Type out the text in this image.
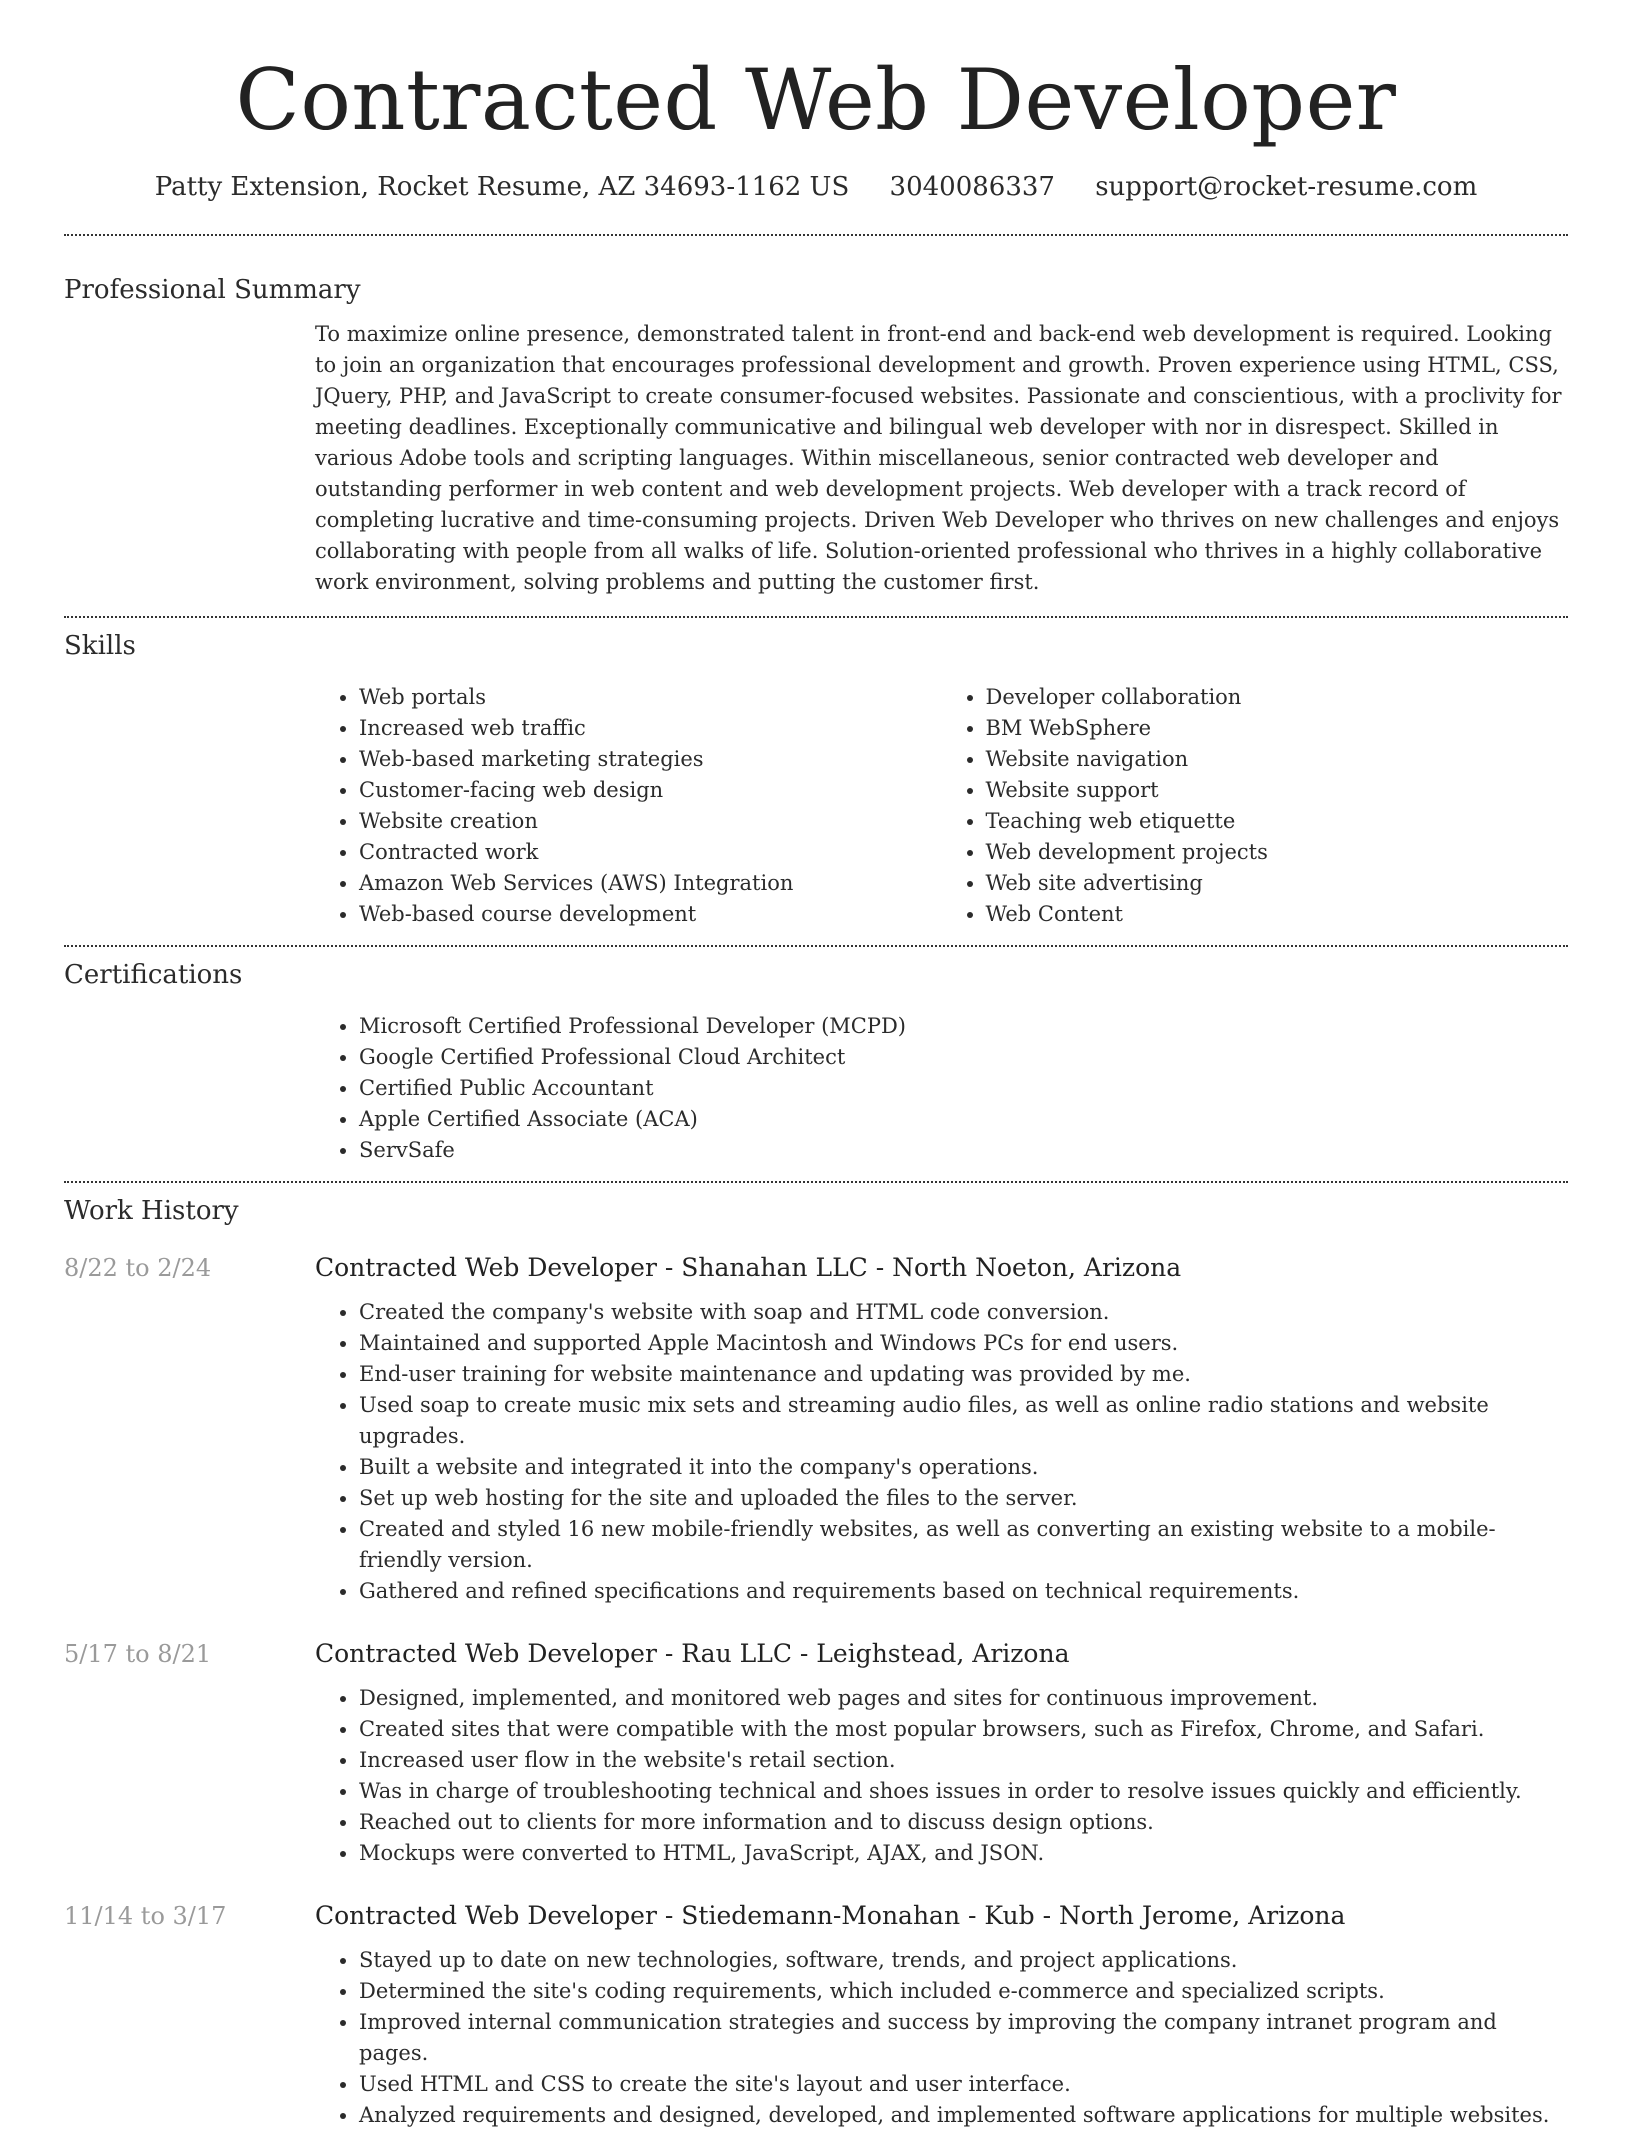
Contracted Web Developer
Patty Extension, Rocket Resume, AZ 34693-1162 US 3040086337 support@rocket-resume.com
Professional Summary

To maximize online presence, demonstrated talent in front-end and back-end web development is required. Looking to join an organization that encourages professional development and growth. Proven experience using HTML, CSS, JQuery, PHP, and JavaScript to create consumer-focused websites. Passionate and conscientious, with a proclivity for meeting deadlines. Exceptionally communicative and bilingual web developer with nor in disrespect. Skilled in various Adobe tools and scripting languages. Within miscellaneous, senior contracted web developer and outstanding performer in web content and web development projects. Web developer with a track record of completing lucrative and time-consuming projects. Driven Web Developer who thrives on new challenges and enjoys collaborating with people from all walks of life. Solution-oriented professional who thrives in a highly collaborative work environment, solving problems and putting the customer first.

Skills
• Web portals
• Increased web traffic
• Web-based marketing strategies
• Customer-facing web design
• Website creation
• Contracted work
• Amazon Web Services (AWS) Integration
• Web-based course development
• Developer collaboration
• BM WebSphere
• Website navigation
• Website support
• Teaching web etiquette
• Web development projects
• Web site advertising
• Web Content
Certifications
• Microsoft Certified Professional Developer (MCPD)
• Google Certified Professional Cloud Architect
• Certified Public Accountant
• Apple Certified Associate (ACA)
• ServSafe
Work History
8/22 to 2/24	Contracted Web Developer - Shanahan LLC - North Noeton, Arizona
• Created the company's website with soap and HTML code conversion.
• Maintained and supported Apple Macintosh and Windows PCs for end users.
• End-user training for website maintenance and updating was provided by me.
• Used soap to create music mix sets and streaming audio files, as well as online radio stations and website upgrades.
• Built a website and integrated it into the company's operations.
• Set up web hosting for the site and uploaded the files to the server.
• Created and styled 16 new mobile-friendly websites, as well as converting an existing website to a mobile-friendly version.
• Gathered and refined specifications and requirements based on technical requirements.
5/17 to 8/21	Contracted Web Developer - Rau LLC - Leighstead, Arizona
• Designed, implemented, and monitored web pages and sites for continuous improvement.
• Created sites that were compatible with the most popular browsers, such as Firefox, Chrome, and Safari.
• Increased user flow in the website's retail section.
• Was in charge of troubleshooting technical and shoes issues in order to resolve issues quickly and efficiently.
• Reached out to clients for more information and to discuss design options.
• Mockups were converted to HTML, JavaScript, AJAX, and JSON.
11/14 to 3/17	Contracted Web Developer - Stiedemann-Monahan - Kub - North Jerome, Arizona
• Stayed up to date on new technologies, software, trends, and project applications.
• Determined the site's coding requirements, which included e-commerce and specialized scripts.
• Improved internal communication strategies and success by improving the company intranet program and pages.
• Used HTML and CSS to create the site's layout and user interface.
• Analyzed requirements and designed, developed, and implemented software applications for multiple websites.
